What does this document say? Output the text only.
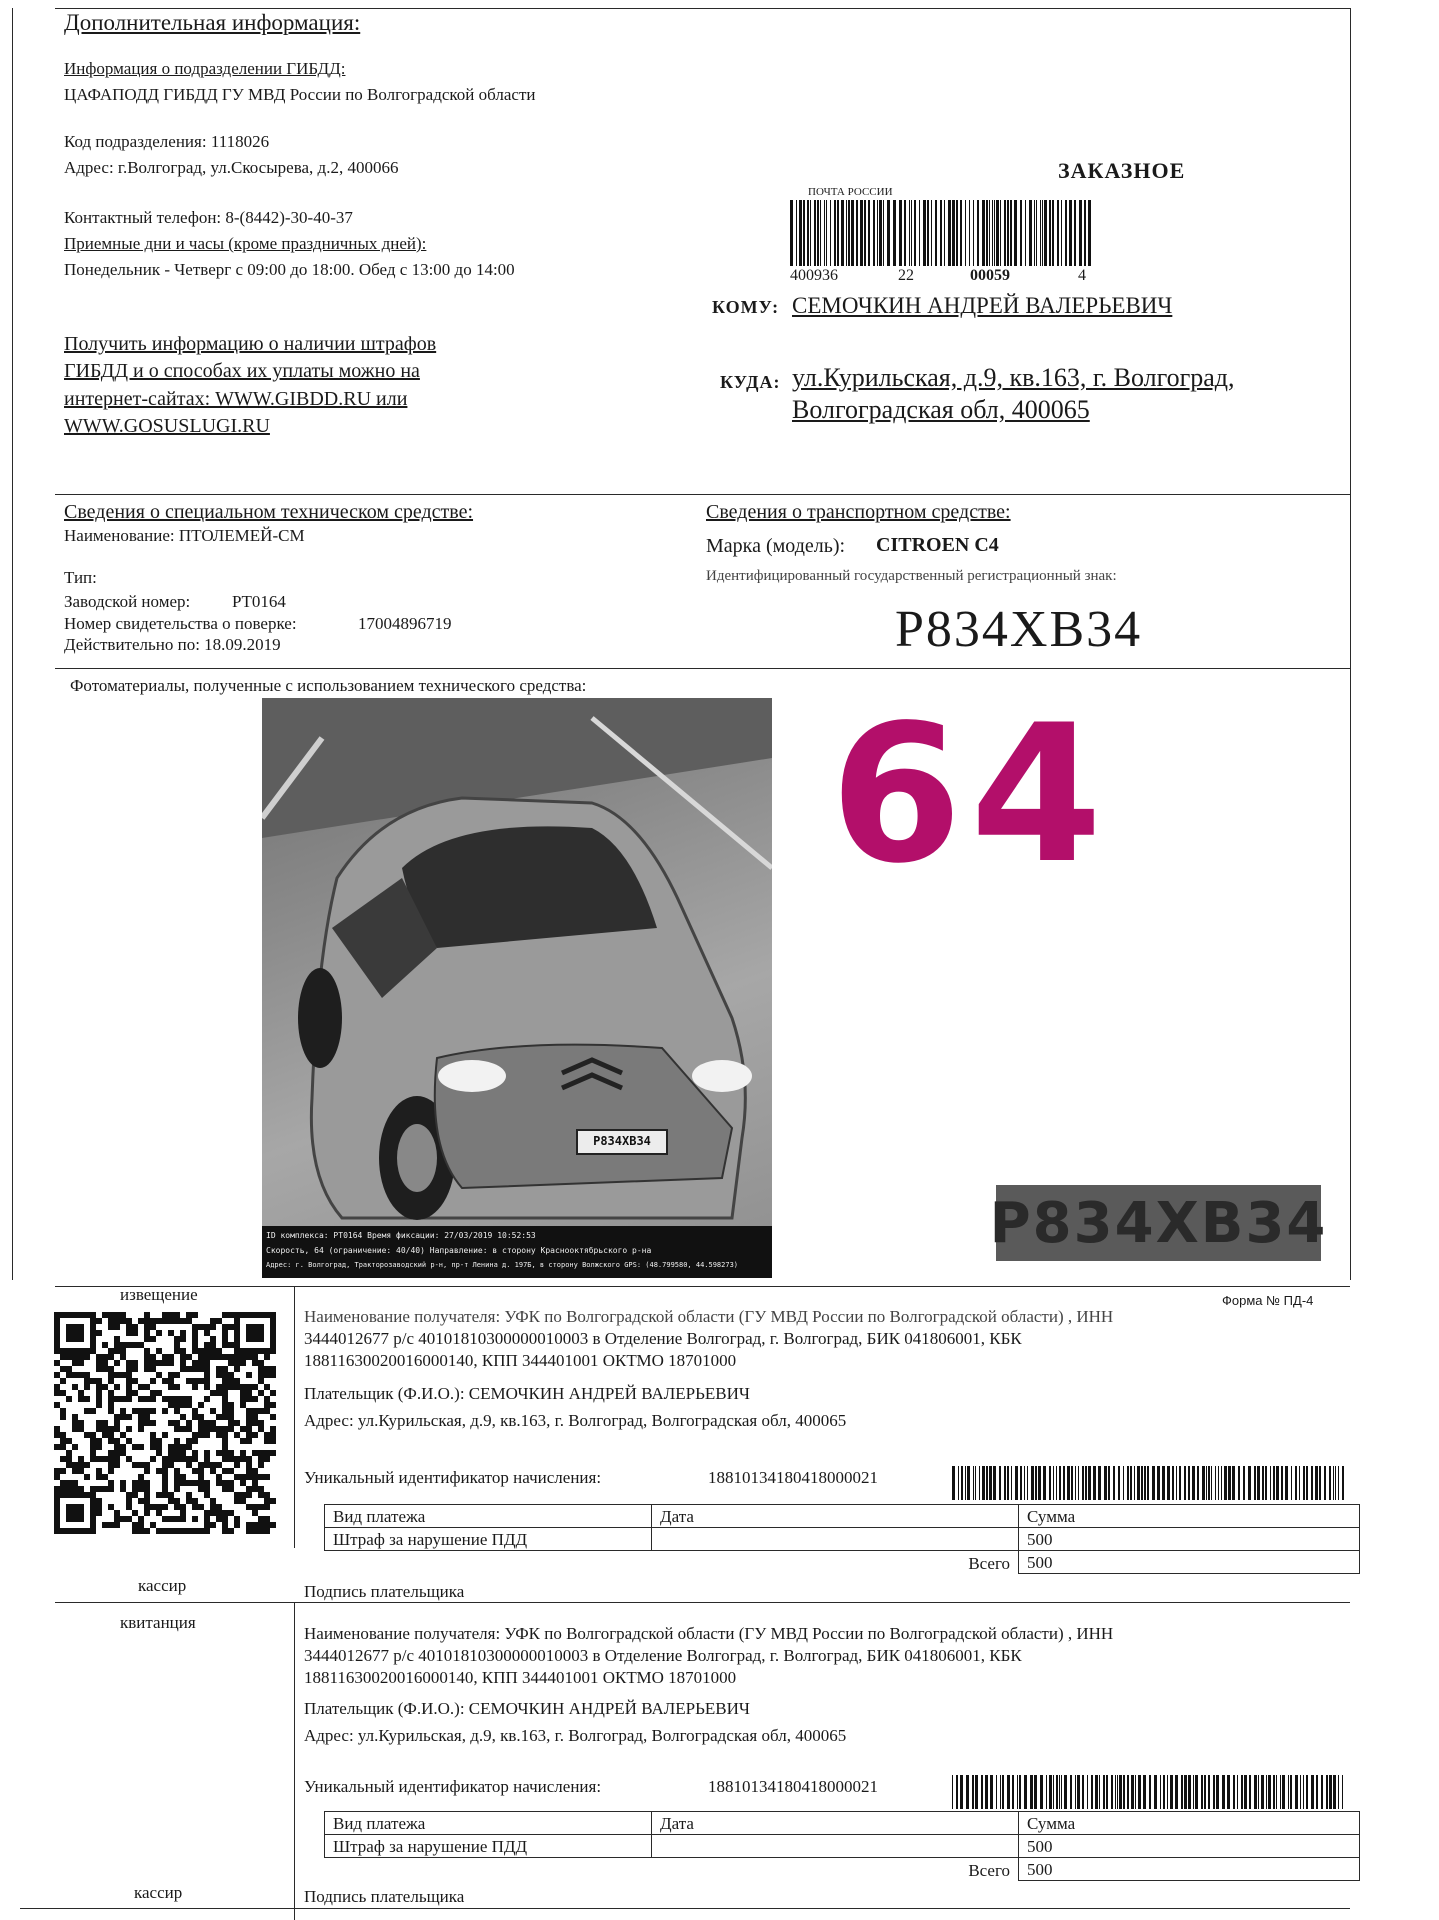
Дополнительная информация:
Информация о подразделении ГИБДД:
ЦАФАПОДД ГИБДД ГУ МВД России по Волгоградской области
Код подразделения: 1118026
Адрес: г.Волгоград, ул.Скосырева, д.2, 400066
Контактный телефон: 8-(8442)-30-40-37
Приемные дни и часы (кроме праздничных дней):
Понедельник - Четверг с 09:00 до 18:00. Обед с 13:00 до 14:00
Получить информацию о наличии штрафов
ГИБДД и о способах их уплаты можно на
интернет-сайтах: WWW.GIBDD.RU или
WWW.GOSUSLUGI.RU
ЗАКАЗНОЕ
ПОЧТА РОССИИ
400936	22	00059	4
КОМУ: СЕМОЧКИН АНДРЕЙ ВАЛЕРЬЕВИЧ
КУДА: ул.Курильская, д.9, кв.163, г. Волгоград,
Волгоградская обл, 400065
Сведения о специальном техническом средстве:
Наименование: ПТОЛЕМЕЙ-СМ
Тип:
Заводской номер: PT0164
Номер свидетельства о поверке:	17004896719
Действительно по: 18.09.2019
Сведения о транспортном средстве:
Марка (модель): CITROEN C4
Идентифицированный государственный регистрационный знак:
Р834ХВ34
Фотоматериалы, полученные с использованием технического средства:
P834XB34
ID комплекса: PT0164 Время фиксации: 27/03/2019 10:52:53
Скорость, 64 (ограничение: 40/40) Направление: в сторону Краснооктябрьского р-на
Адрес: г. Волгоград, Тракторозаводский р-н, пр-т Ленина д. 197Б, в сторону Волжского GPS: (48.799580, 44.598273)
64
P834XB34
извещение	Форма № ПД-4
Наименование получателя: УФК по Волгоградской области (ГУ МВД России по Волгоградской области) , ИНН
3444012677 р/с 40101810300000010003 в Отделение Волгоград, г. Волгоград, БИК 041806001, КБК
18811630020016000140, КПП 344401001 ОКТМО 18701000
Плательщик (Ф.И.О.): СЕМОЧКИН АНДРЕЙ ВАЛЕРЬЕВИЧ
Адрес: ул.Курильская, д.9, кв.163, г. Волгоград, Волгоградская обл, 400065
Уникальный идентификатор начисления:	18810134180418000021
Вид платежа	Дата	Сумма
Штраф за нарушение ПДД		500
	Всего	500
кассир	Подпись плательщика
квитанция
Наименование получателя: УФК по Волгоградской области (ГУ МВД России по Волгоградской области) , ИНН
3444012677 р/с 40101810300000010003 в Отделение Волгоград, г. Волгоград, БИК 041806001, КБК
18811630020016000140, КПП 344401001 ОКТМО 18701000
Плательщик (Ф.И.О.): СЕМОЧКИН АНДРЕЙ ВАЛЕРЬЕВИЧ
Адрес: ул.Курильская, д.9, кв.163, г. Волгоград, Волгоградская обл, 400065
Уникальный идентификатор начисления:	18810134180418000021
Вид платежа	Дата	Сумма
Штраф за нарушение ПДД		500
	Всего	500
кассир	Подпись плательщика
